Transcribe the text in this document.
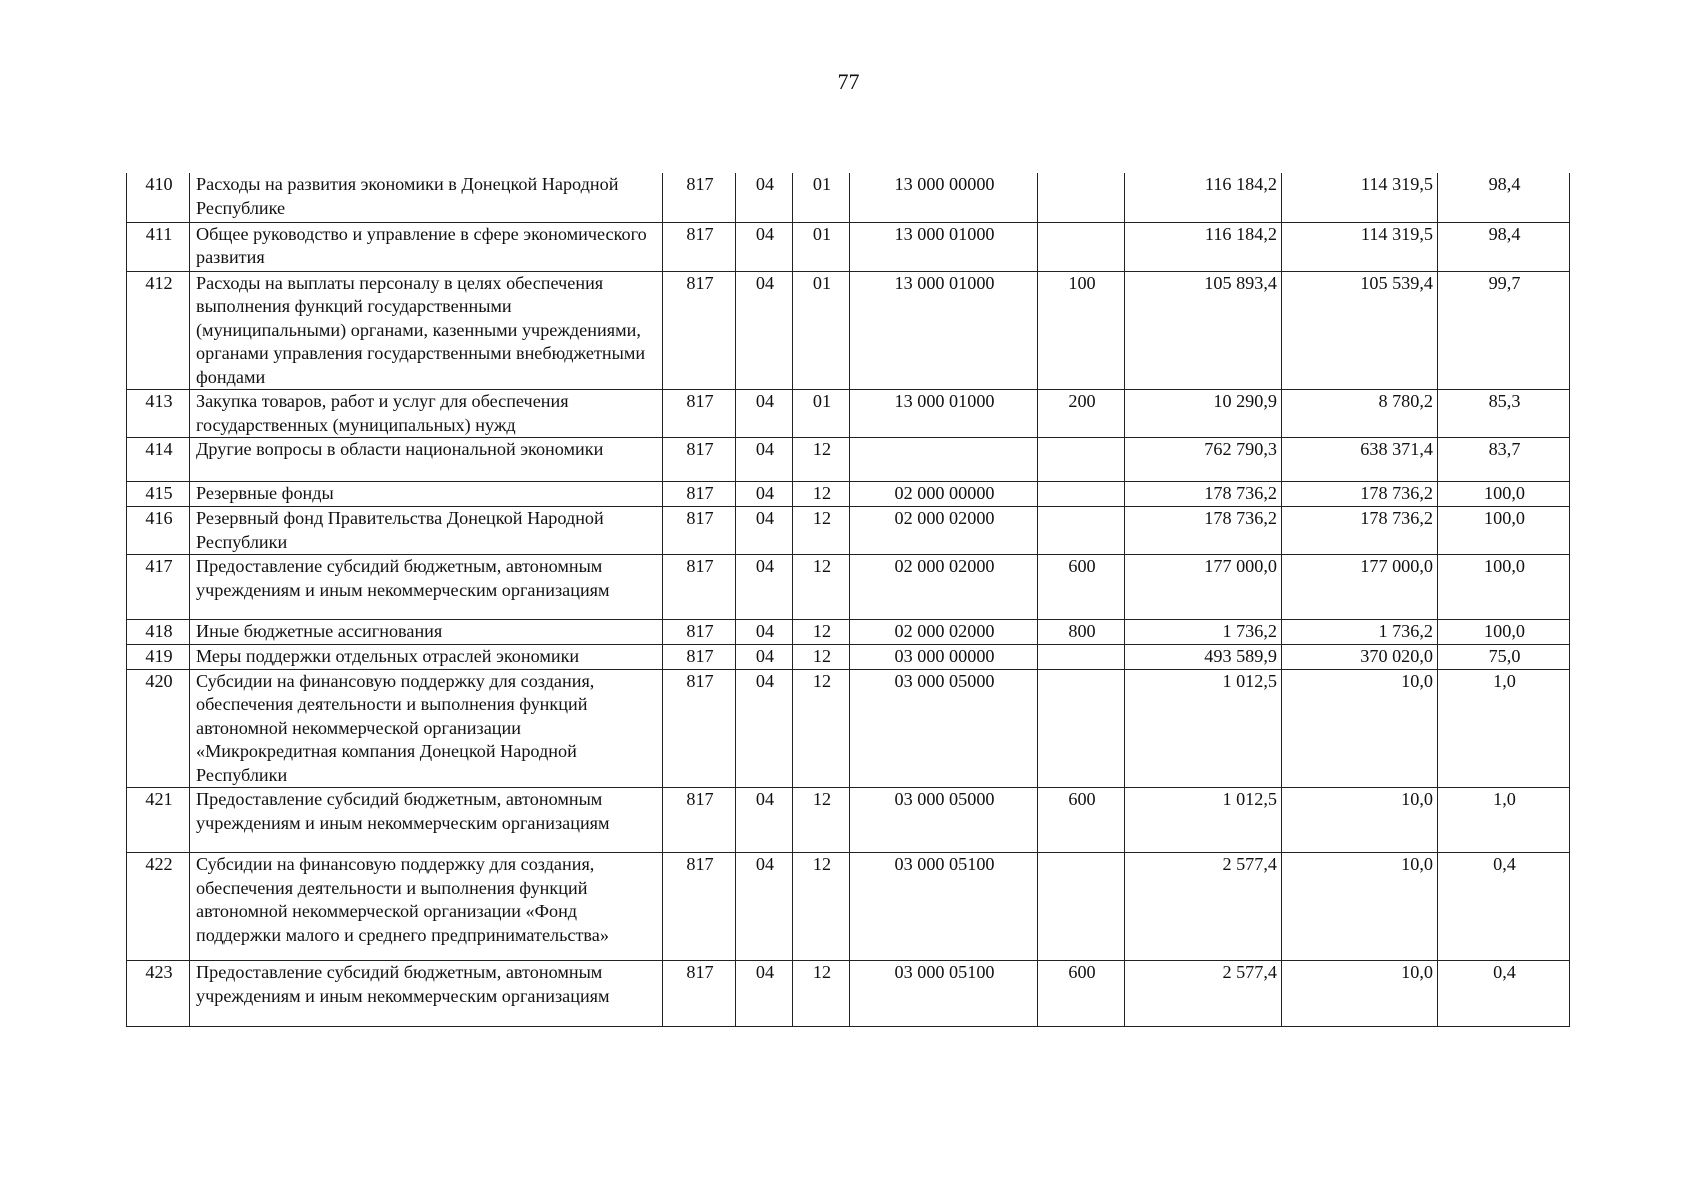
77
410	Расходы на развития экономики в Донецкой Народной Республике	817	04	01	13 000 00000		116 184,2	114 319,5	98,4
411	Общее руководство и управление в сфере экономического развития	817	04	01	13 000 01000		116 184,2	114 319,5	98,4
412	Расходы на выплаты персоналу в целях обеспечения выполнения функций государственными (муниципальными) органами, казенными учреждениями, органами управления государственными внебюджетными фондами	817	04	01	13 000 01000	100	105 893,4	105 539,4	99,7
413	Закупка товаров, работ и услуг для обеспечения государственных (муниципальных) нужд	817	04	01	13 000 01000	200	10 290,9	8 780,2	85,3
414	Другие вопросы в области национальной экономики	817	04	12			762 790,3	638 371,4	83,7
415	Резервные фонды	817	04	12	02 000 00000		178 736,2	178 736,2	100,0
416	Резервный фонд Правительства Донецкой Народной Республики	817	04	12	02 000 02000		178 736,2	178 736,2	100,0
417	Предоставление субсидий бюджетным, автономным учреждениям и иным некоммерческим организациям	817	04	12	02 000 02000	600	177 000,0	177 000,0	100,0
418	Иные бюджетные ассигнования	817	04	12	02 000 02000	800	1 736,2	1 736,2	100,0
419	Меры поддержки отдельных отраслей экономики	817	04	12	03 000 00000		493 589,9	370 020,0	75,0
420	Субсидии на финансовую поддержку для создания, обеспечения деятельности и выполнения функций автономной некоммерческой организации «Микрокредитная компания Донецкой Народной Республики	817	04	12	03 000 05000		1 012,5	10,0	1,0
421	Предоставление субсидий бюджетным, автономным учреждениям и иным некоммерческим организациям	817	04	12	03 000 05000	600	1 012,5	10,0	1,0
422	Субсидии на финансовую поддержку для создания, обеспечения деятельности и выполнения функций автономной некоммерческой организации «Фонд поддержки малого и среднего предпринимательства»	817	04	12	03 000 05100		2 577,4	10,0	0,4
423	Предоставление субсидий бюджетным, автономным учреждениям и иным некоммерческим организациям	817	04	12	03 000 05100	600	2 577,4	10,0	0,4
